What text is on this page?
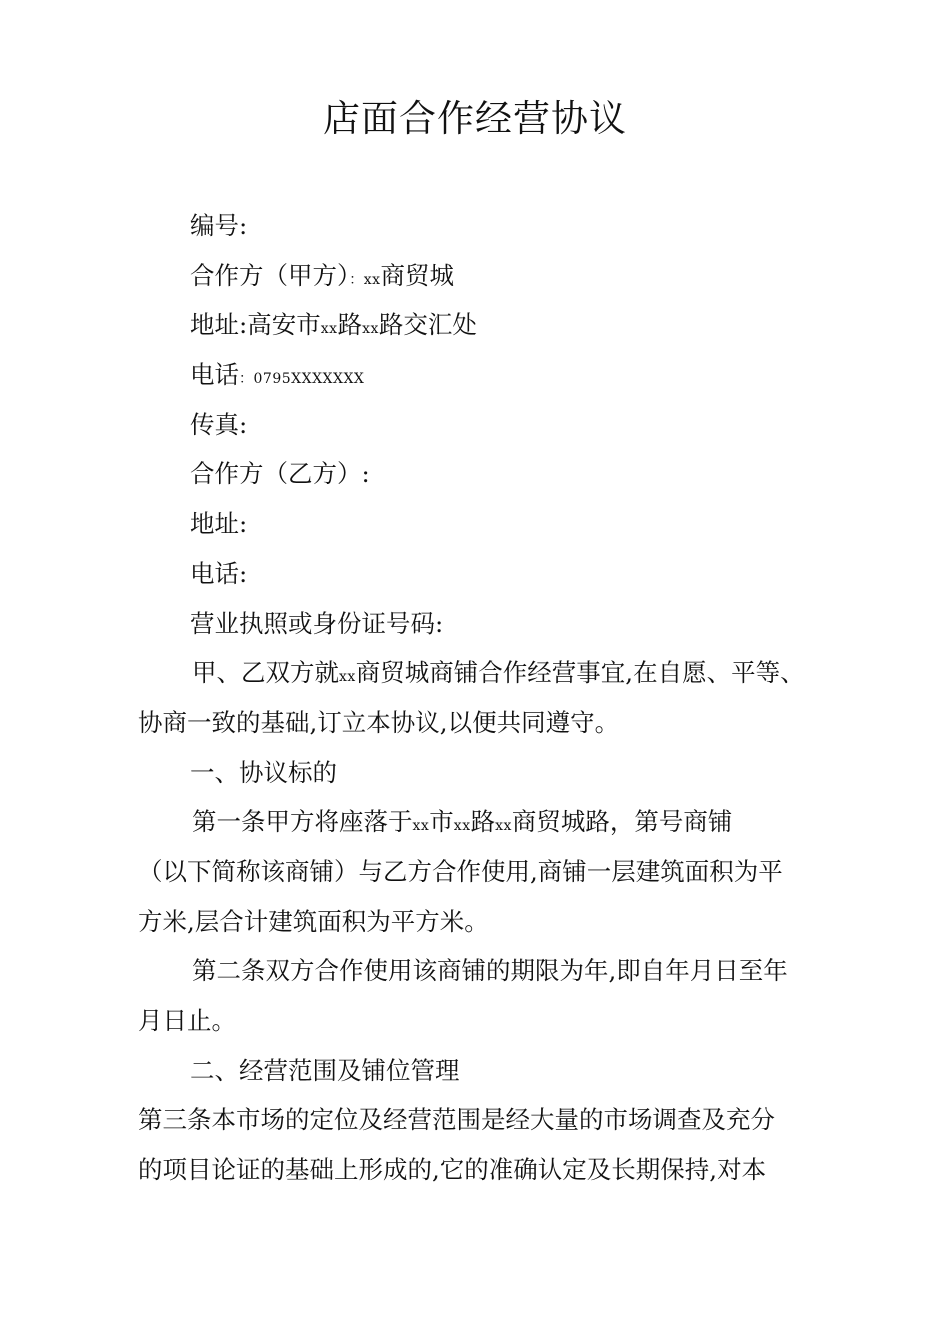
店面合作经营协议
编号:
合作方（甲方）：xx商贸城
地址:高安市xx路xx路交汇处
电话：0795XXXXXXX
传真:
合作方（乙方）:
地址:
电话:
营业执照或身份证号码:
甲、乙双方就xx商贸城商铺合作经营事宜,在自愿、平等、
协商一致的基础,订立本协议,以便共同遵守。
一、协议标的
第一条甲方将座落于xx市xx路xx商贸城路，第号商铺
（以下简称该商铺）与乙方合作使用,商铺一层建筑面积为平
方米,层合计建筑面积为平方米。
第二条双方合作使用该商铺的期限为年,即自年月日至年
月日止。
二、经营范围及铺位管理
第三条本市场的定位及经营范围是经大量的市场调查及充分
的项目论证的基础上形成的,它的准确认定及长期保持,对本
